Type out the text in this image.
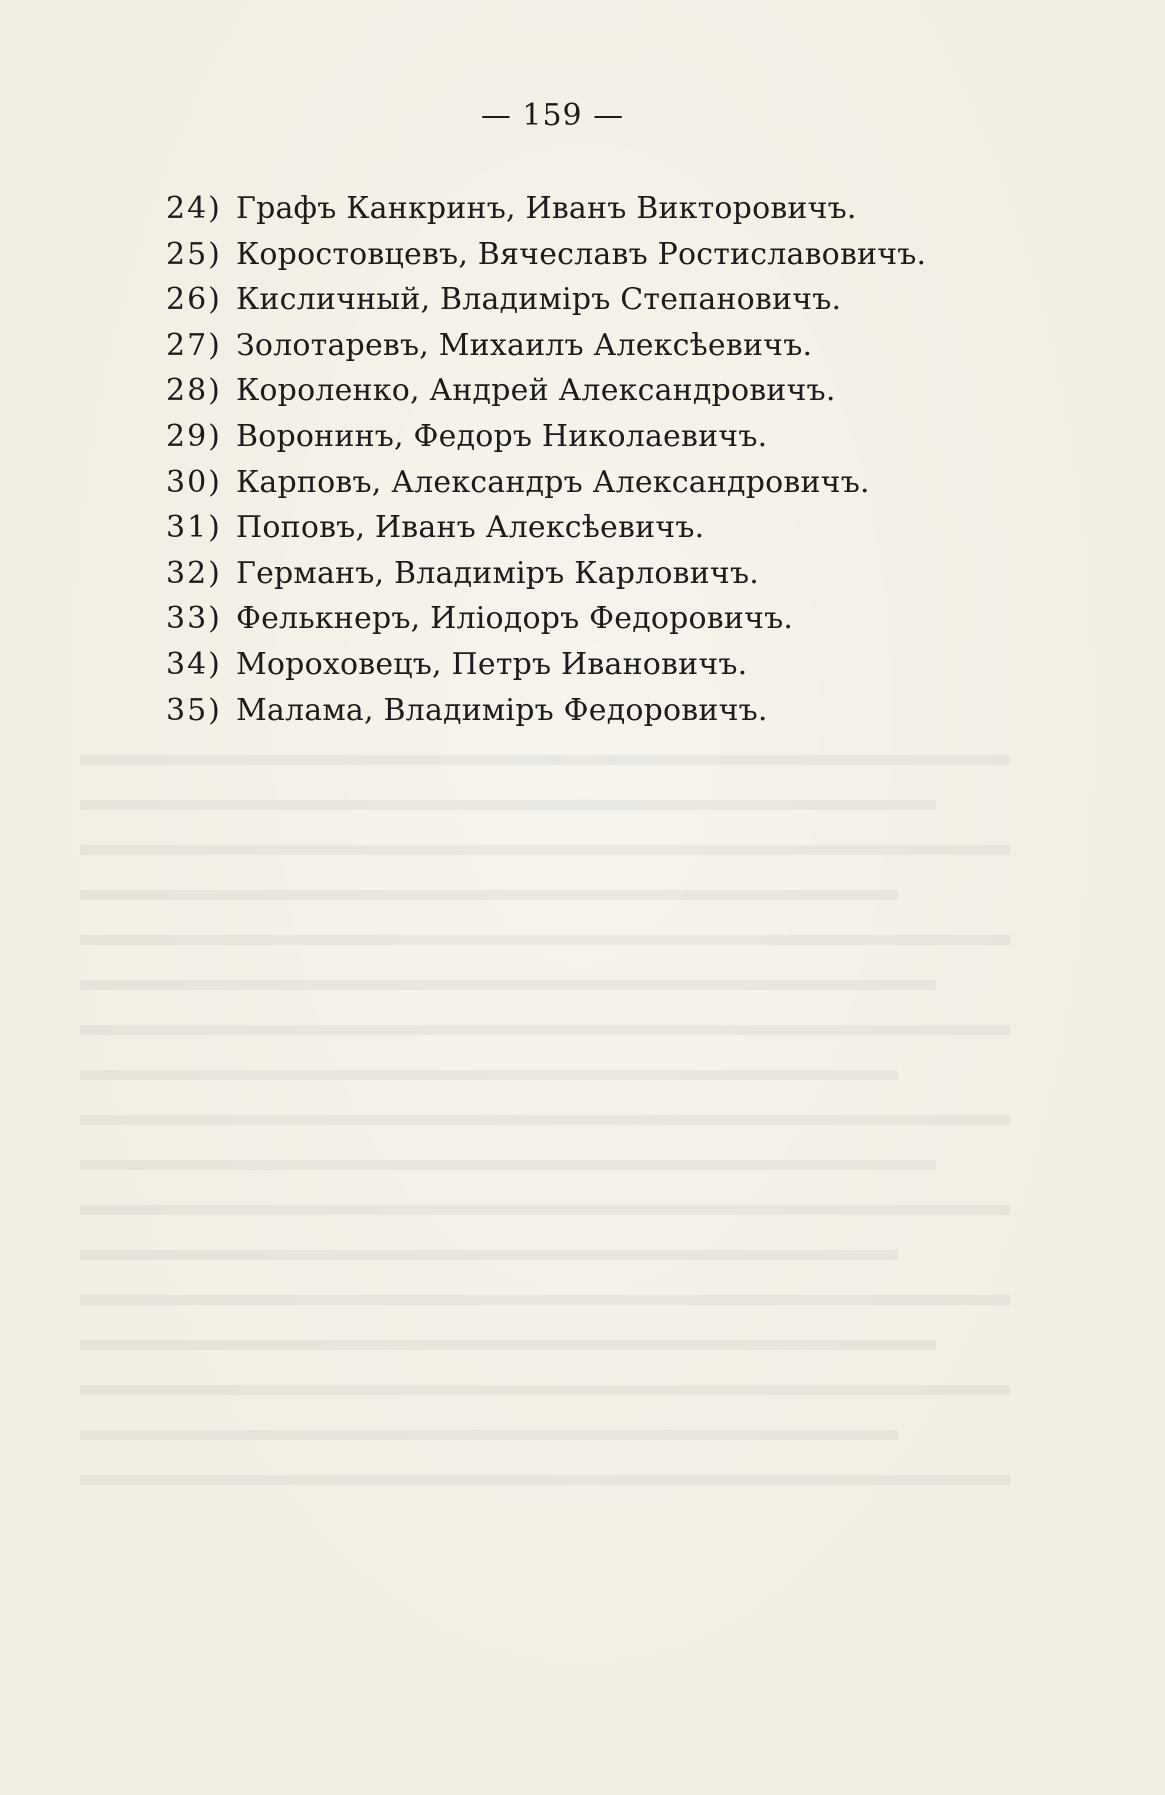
— 159 —
24) Графъ Канкринъ, Иванъ Викторовичъ.
25) Коростовцевъ, Вячеславъ Ростиславовичъ.
26) Кисличный, Владиміръ Степановичъ.
27) Золотаревъ, Михаилъ Алексѣевичъ.
28) Короленко, Андрей Александровичъ.
29) Воронинъ, Федоръ Николаевичъ.
30) Карповъ, Александръ Александровичъ.
31) Поповъ, Иванъ Алексѣевичъ.
32) Германъ, Владиміръ Карловичъ.
33) Фелькнеръ, Иліодоръ Федоровичъ.
34) Мороховецъ, Петръ Ивановичъ.
35) Малама, Владиміръ Федоровичъ.
